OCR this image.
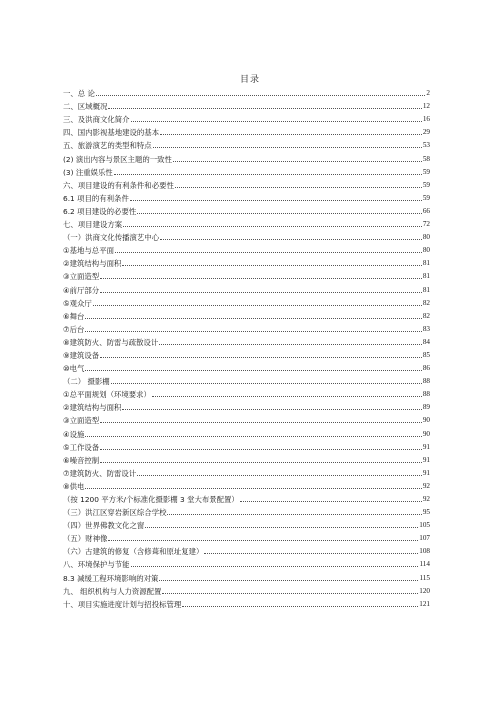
目录
一、总 论	2
二、区域概况	12
三、及洪商文化简介	16
四、国内影视基地建设的基本	29
五、旅游演艺的类型和特点	53
(2) 演出内容与景区主题的一致性	58
(3) 注重娱乐性	59
六、项目建设的有利条件和必要性	59
6.1 项目的有利条件	59
6.2 项目建设的必要性	66
七、项目建设方案	72
（一）洪商文化传播演艺中心	80
①基地与总平面	80
②建筑结构与面积	81
③立面造型	81
④前厅部分	81
⑤观众厅	82
⑥舞台	82
⑦后台	83
⑧建筑防火、防雷与疏散设计	84
⑨建筑设备	85
⑩电气	86
（二） 摄影棚	88
①总平面规划（环境要求）	88
②建筑结构与面积	89
③立面造型	90
④设施	90
⑤工作设备	91
⑥噪音控制	91
⑦建筑防火、防雷设计	91
⑧供电	92
（按 1200 平方米/个标准化摄影棚 3 堂大布景配置）	92
（三）洪江区穿岩新区综合学校	95
（四）世界佛教文化之窗	105
（五）财神像	107
（六）古建筑的修复（含修葺和原址复建）	108
八、环境保护与节能	114
8.3 减缓工程环境影响的对策	115
九、 组织机构与人力资源配置	120
十、项目实施进度计划与招投标管理	121
